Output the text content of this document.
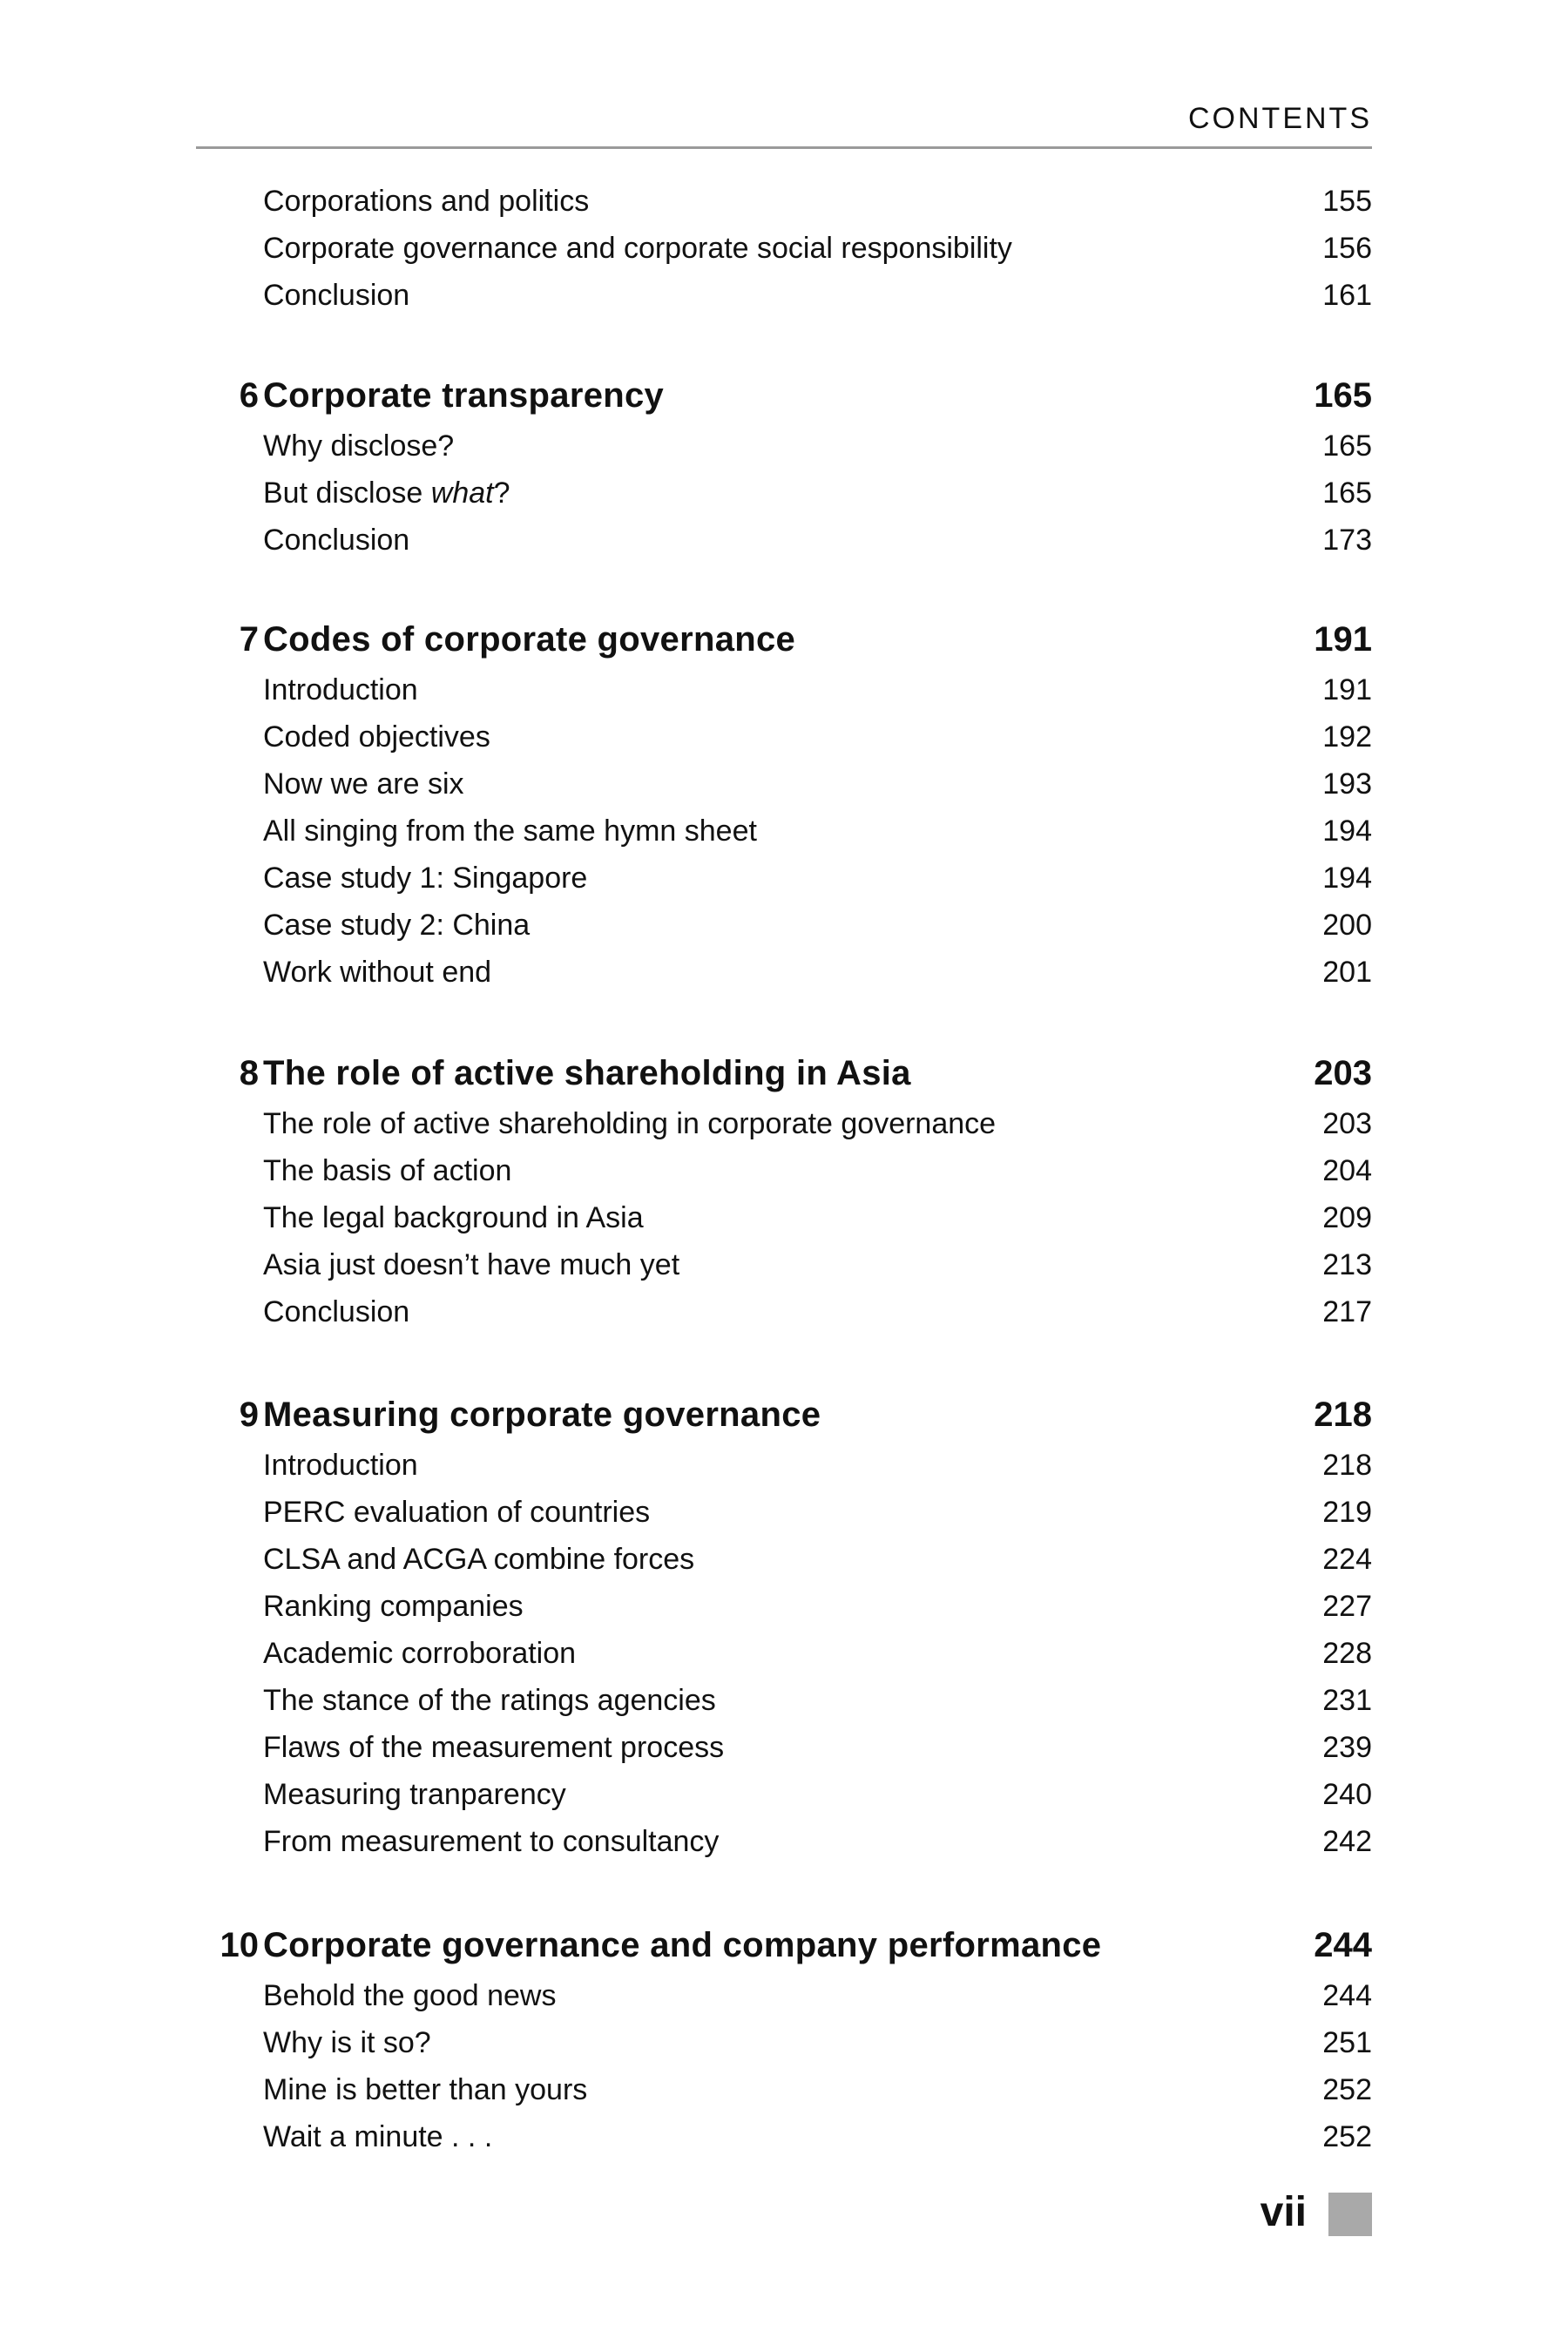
CONTENTS
Corporations and politics	155
Corporate governance and corporate social responsibility	156
Conclusion	161
6 Corporate transparency	165
Why disclose?	165
But disclose what?	165
Conclusion	173
7 Codes of corporate governance	191
Introduction	191
Coded objectives	192
Now we are six	193
All singing from the same hymn sheet	194
Case study 1: Singapore	194
Case study 2: China	200
Work without end	201
8 The role of active shareholding in Asia	203
The role of active shareholding in corporate governance	203
The basis of action	204
The legal background in Asia	209
Asia just doesn’t have much yet	213
Conclusion	217
9 Measuring corporate governance	218
Introduction	218
PERC evaluation of countries	219
CLSA and ACGA combine forces	224
Ranking companies	227
Academic corroboration	228
The stance of the ratings agencies	231
Flaws of the measurement process	239
Measuring tranparency	240
From measurement to consultancy	242
10 Corporate governance and company performance	244
Behold the good news	244
Why is it so?	251
Mine is better than yours	252
Wait a minute . . .	252
vii
